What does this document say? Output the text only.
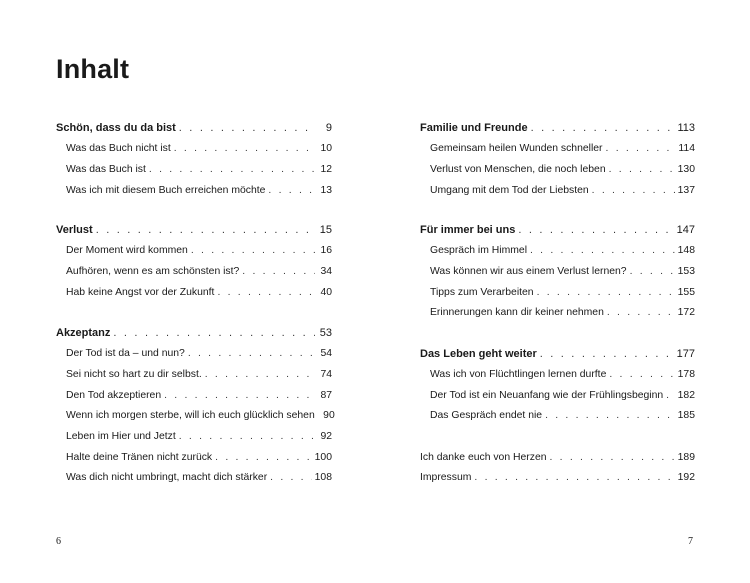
Inhalt
Schön, dass du da bist . . .	9
Was das Buch nicht ist . . .	10
Was das Buch ist . . .	12
Was ich mit diesem Buch erreichen möchte . . .	13
Verlust . . .	15
Der Moment wird kommen . . .	16
Aufhören, wenn es am schönsten ist? . . .	34
Hab keine Angst vor der Zukunft . . .	40
Akzeptanz . . .	53
Der Tod ist da – und nun? . . .	54
Sei nicht so hart zu dir selbst. . . .	74
Den Tod akzeptieren . . .	87
Wenn ich morgen sterbe, will ich euch glücklich sehen 90
Leben im Hier und Jetzt . . .	92
Halte deine Tränen nicht zurück . . .	100
Was dich nicht umbringt, macht dich stärker . . .	108
Familie und Freunde . . .	113
Gemeinsam heilen Wunden schneller . . .	114
Verlust von Menschen, die noch leben . . .	130
Umgang mit dem Tod der Liebsten . . .	137
Für immer bei uns . . .	147
Gespräch im Himmel . . .	148
Was können wir aus einem Verlust lernen? . . .	153
Tipps zum Verarbeiten . . .	155
Erinnerungen kann dir keiner nehmen . . .	172
Das Leben geht weiter . . .	177
Was ich von Flüchtlingen lernen durfte . . .	178
Der Tod ist ein Neuanfang wie der Frühlingsbeginn . . . 182
Das Gespräch endet nie . . .	185
Ich danke euch von Herzen . . .	189
Impressum . . .	192
6	7
